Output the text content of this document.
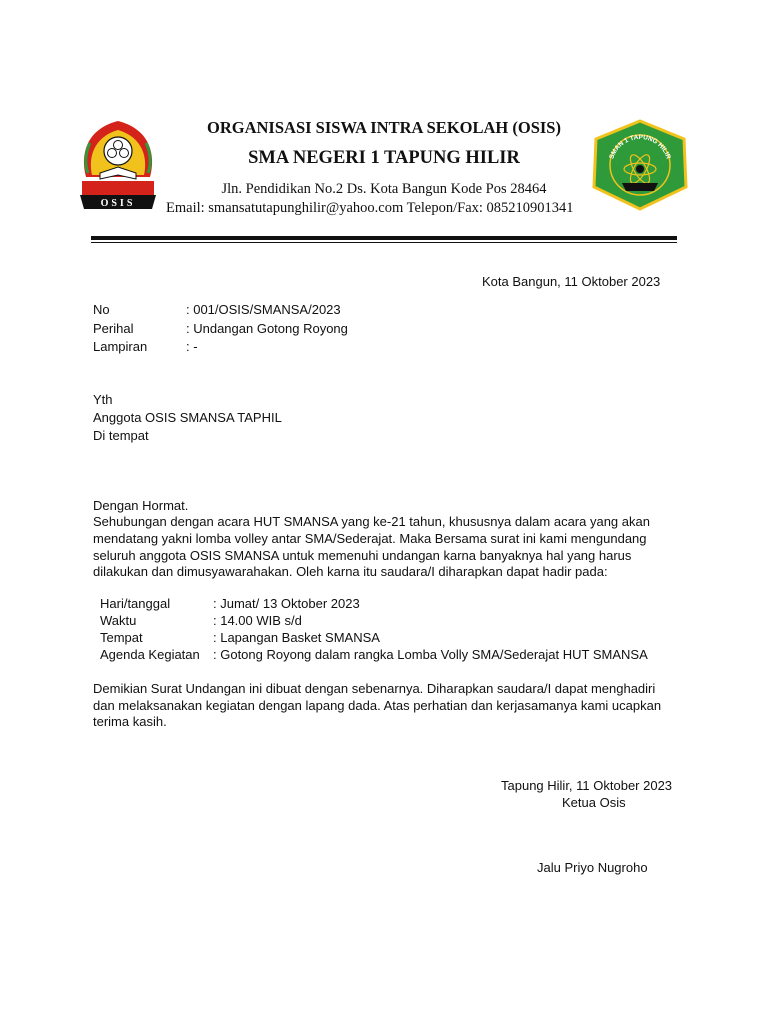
OSIS
ORGANISASI SISWA INTRA SEKOLAH (OSIS)
SMA NEGERI 1 TAPUNG HILIR
Jln. Pendidikan No.2 Ds. Kota Bangun Kode Pos 28464
Email: smansatutapunghilir@yahoo.com Telepon/Fax: 085210901341
SMAN 1 TAPUNG HILIR
Kota Bangun, 11 Oktober 2023
No	: 001/OSIS/SMANSA/2023
Perihal	: Undangan Gotong Royong
Lampiran	: -
Yth
Anggota OSIS SMANSA TAPHIL
Di tempat
Dengan Hormat.
Sehubungan dengan acara HUT SMANSA yang ke-21 tahun, khususnya dalam acara yang akan
mendatang yakni lomba volley antar SMA/Sederajat. Maka Bersama surat ini kami mengundang
seluruh anggota OSIS SMANSA untuk memenuhi undangan karna banyaknya hal yang harus
dilakukan dan dimusyawarahakan. Oleh karna itu saudara/I diharapkan dapat hadir pada:
Hari/tanggal	: Jumat/ 13 Oktober 2023
Waktu	: 14.00 WIB s/d
Tempat	: Lapangan Basket SMANSA
Agenda Kegiatan : Gotong Royong dalam rangka Lomba Volly SMA/Sederajat HUT SMANSA
Demikian Surat Undangan ini dibuat dengan sebenarnya. Diharapkan saudara/I dapat menghadiri
dan melaksanakan kegiatan dengan lapang dada. Atas perhatian dan kerjasamanya kami ucapkan
terima kasih.
Tapung Hilir, 11 Oktober 2023
Ketua Osis
Jalu Priyo Nugroho
